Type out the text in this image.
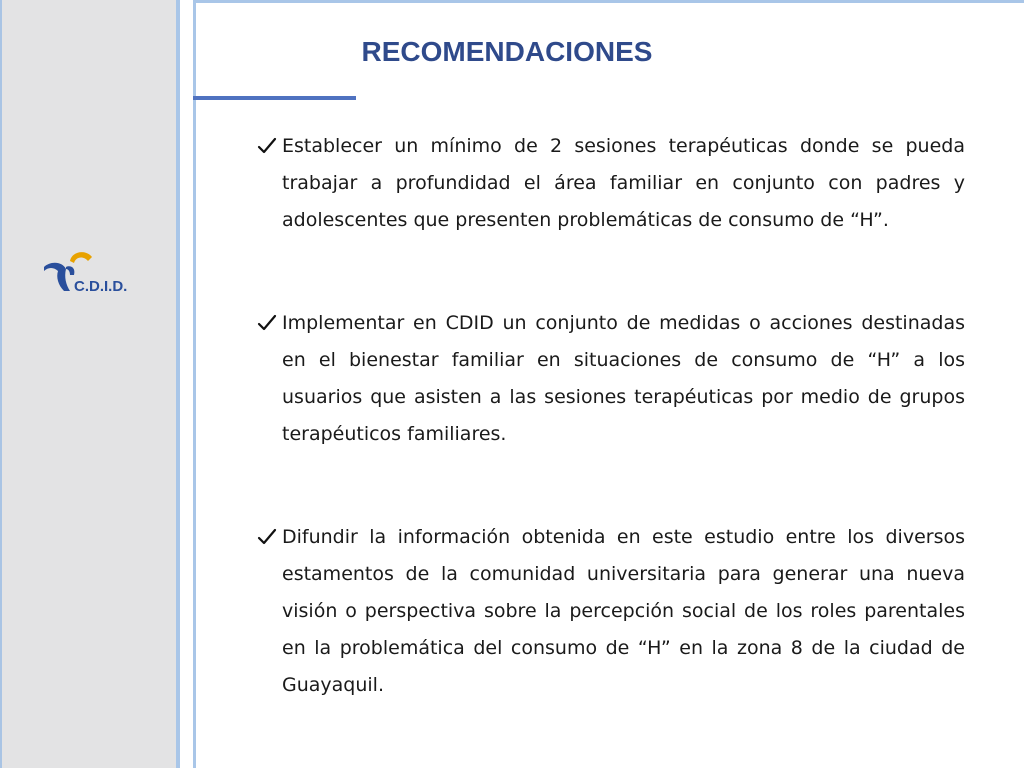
C.D.I.D.
RECOMENDACIONES
Establecer un mínimo de 2 sesiones terapéuticas donde se pueda trabajar a profundidad el área familiar en conjunto con padres y adolescentes que presenten problemáticas de consumo de “H”.
Implementar en CDID un conjunto de medidas o acciones destinadas en el bienestar familiar en situaciones de consumo de “H” a los usuarios que asisten a las sesiones terapéuticas por medio de grupos terapéuticos familiares.
Difundir la información obtenida en este estudio entre los diversos estamentos de la comunidad universitaria para generar una nueva visión o perspectiva sobre la percepción social de los roles parentales en la problemática del consumo de “H” en la zona 8 de la ciudad de Guayaquil.
